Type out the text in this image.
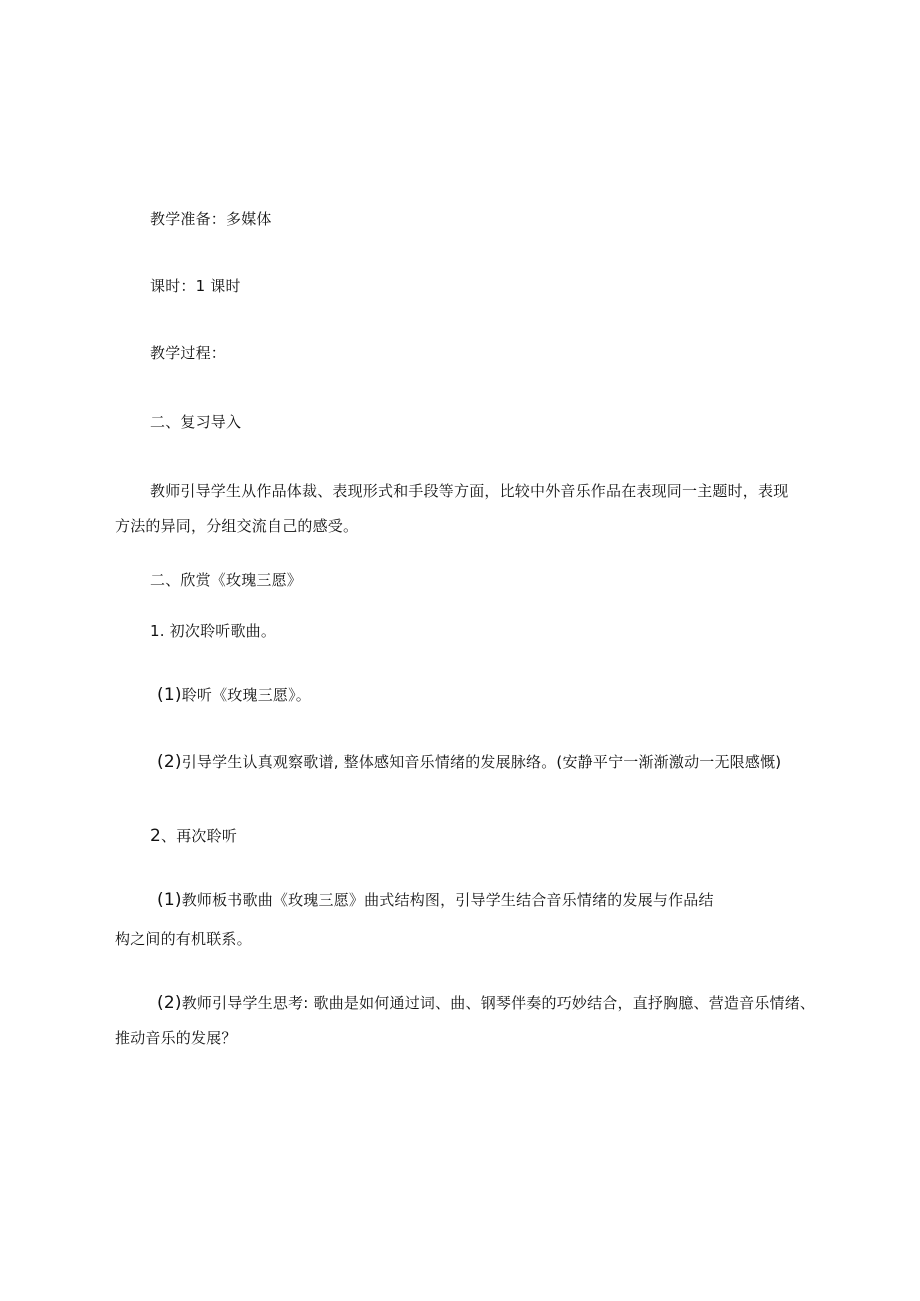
教学准备：多媒体
课时：1 课时
教学过程：
二、复习导入
教师引导学生从作品体裁、表现形式和手段等方面，比较中外音乐作品在表现同一主题时，表现
方法的异同，分组交流自己的感受。
二、欣赏《玫瑰三愿》
1. 初次聆听歌曲。
(1)聆听《玫瑰三愿》。
(2)引导学生认真观察歌谱, 整体感知音乐情绪的发展脉络。(安静平宁一渐渐激动一无限感慨)
2、再次聆听
(1)教师板书歌曲《玫瑰三愿》曲式结构图，引导学生结合音乐情绪的发展与作品结
构之间的有机联系。
(2)教师引导学生思考: 歌曲是如何通过词、曲、钢琴伴奏的巧妙结合，直抒胸臆、营造音乐情绪、
推动音乐的发展？
